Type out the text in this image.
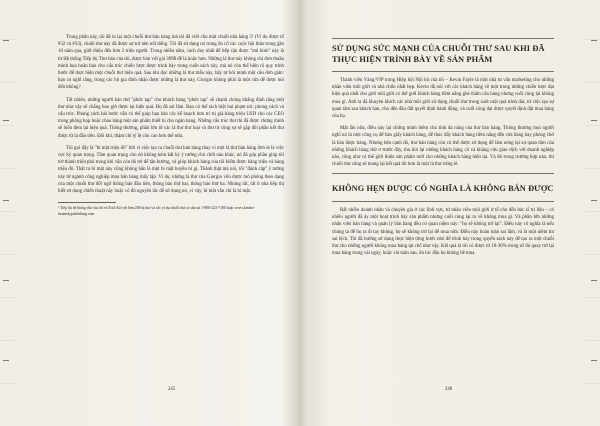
Trong phần này, tôi đã in lại một chuỗi thư bán hàng mà tôi đã viết cho một chuỗi nhà hàng 5² (Vì dụ được tổ #32 và #33), chuỗi thư này đã được sự trở nên nổi tiếng. Tôi đã sử dụng nó trong ổn cố các cuộc hội thảo trong gần 10 năm qua, giới thiệu đến hơn 2 triệu người. Trong nhiều năm, cách duy nhất để tiếp cận được "mô hình" này là từ Hệ thống Tiếp thị Thư bán của tôi, được bán với giá 399$ để là hoặc hơn. Những lá thư này không chỉ đơn thuần mình họa hoàn hảo cho cấu trúc chiến lược được trình bày trong cuốn sách này, mà nó còn thể hiện rõ quy trình bước để thực hiện một chuỗi thư hiệu quả. Sau khi đọc những lá thư mẫu này, bấy tự hỏi mình một câu đơn giản: bạn có nghĩ rằng, trong các hộ gia đình nhận được những lá thư này, Giorgio không phải là một cửa để được nói đến không?

Tất nhiên, những người bán thứ "phức tạp" cho khách hàng "phức tạp" sẽ chạnh chóng khẳng định rằng một thư như vậy sẽ chẳng bao giờ được lại hiệu quả. Họ đã sai lầm. Bạn có thể tách biệt hai phạm trù: phong cách và cấu trúc. Phong cách hài hước vẫn có thể giúp bạn bán các kế hoạch hưu trí trị giá hàng triệu USD cho các CEO trong phòng họp hoặc chào hàng một sản phẩm thiết bị cho ngân hàng. Những cấu trúc thư thì đã được chứng minh sẽ luôn đem lại hiệu quả. Thông thường, phần lớn từ các lá thư thư loại và thư từ cộng sự sẽ gặp đôi phần kết thư được từ lá đầu tiên. Đôi khi, thậm chí tỷ lệ còn cao hơn thế nữa.

Tôi gọi đây là "bí mật triệu đô" bởi vì việc tạo ra chuỗi thư bán hàng thay vì một lá thư bán hàng đơn lẻ là việc cực kỳ quan trọng. Tầm quan trọng còn nó không kém bất kỳ ý tưởng chủ chốt nào khác, nó đã góp phần giúp tôi trở thành triệu phú trong khi vẫn còn đó trẻ để tận hưởng, và giúp khách hàng của tôi kiếm được hàng triệu và hàng triệu đô. Thật ra bí mật này cũng không hẳn là một bí mật huyền bí gì. Thành thật mà nói, tôi "đánh cắp" ý tưởng này từ ngành công nghiệp mua bán hàng mấy tập. Ví dụ, những lá thư của Giorgio vốn được mô phỏng theo dạng của một chuỗi thư đối ngữ thông báo đầu tiên, thông báo thứ hai, thông báo thứ ba. Nhưng rất, rất ít nhà tiếp thị biết sử dụng chiến thuật này hoặc có đủ nguyên tắc để sử dụng nó, vì vậy, bí mật vẫn chỉ là bí mật.

² Tiếp thị hệ thống thư của tôi và Tool Kit với hơn 200 bị thư và các ví dụ chuỗi thư có sẵn tại 1-800-223-7180 hoặc www.kimbo-kennedypublishing.com

SỬ DỤNG SỨC MẠNH CỦA CHUỖI THƯ SAU KHI ĐÃ THỰC HIỆN TRÌNH BÀY VỀ SẢN PHẨM

Thành viên Vàng/VIP trong Hiệp hội Nội bộ của tôi – Kevin Fayle là một nhà tư vấn marketing cho những nhãn viên môi giới và nhà chốn nhất hẹp. Kevin đã nói với các khách hàng về một trong những chiến lược đạt hiệu quả nhất cho giới môi giới có thể giới khách hàng tiềm năng ghé thăm căn hàng nhưng cuối cùng lại không mua gì. Anh ta đã khuyên khích các nhà môi giới sử dụng chuỗi thư trong suốt một quá trình dài, từ việc tạo sự quan tâm sau khách hàn, cho đến đâu đất quyết định hành động, và cuối cùng đạt được quyết định đặt mua hàng của họ.

Mặt lần nữa, điều này lại chứng minh thêm cho tính đa năng của thư bán hàng. Thông thường mọi người nghĩ nó là một công cụ để bán giấy khách hàng, để thúc đẩy khách hàng tiềm năng đến cửa hàng hay phòng chờ là bán được hàng. Nhưng bên cạnh đó, thư bán hàng còn có thể được sử dụng để làm nóng lại sự quan tâm của những khách hàng thờ ơ trước đây, thu hút lại những khách hàng cũ và khẳng cứu giao dịch với doanh nghiệp nào, cũng như có thể giới thiệu sản phẩm mới cho những khách hàng hiện tại. Và đó trong trường hợp nào, thì chuỗi thư cũng sẽ mang lại kết quả tốt hơn là một lá thư riêng lẻ.

KHÔNG HẸN ĐƯỢC CÓ NGHĨA LÀ KHÔNG BÁN ĐƯỢC

Rất nhiều doanh nhân và chuyên gia ở các lĩnh vực, từ nhân viên môi giới ở tổ cho đến bác sĩ trị liệu – có nhiều người đã áy một hoạt trình bày sản phẩm nhưng cuối cùng lại ra về không mua gì. Và phần lớn những nhân viên bán hàng và quản lý bán hàng đều có quan niệm này: "họ sẽ không trở lại". Điều này có nghĩa là nếu chúng ta để họ ra đi tay không, họ sẽ không trở lại để mua nữa. Điều này hoàn toàn sai lầm, và là một niềm tin sai lệch. Tôi đã hướng sử dụng thực hiện từng bước nhỏ để trình bày trong quyển sách này để tạo ra một chuỗi thư cho những người không mua hàng tại chỗ như vậy. Kết quả là tôi có được từ 10-30% trong số đó quay trở lại mua hàng trong vài ngày, hoặc vài tuần sau, dù lúc đầu họ không hề mua.

245	246
